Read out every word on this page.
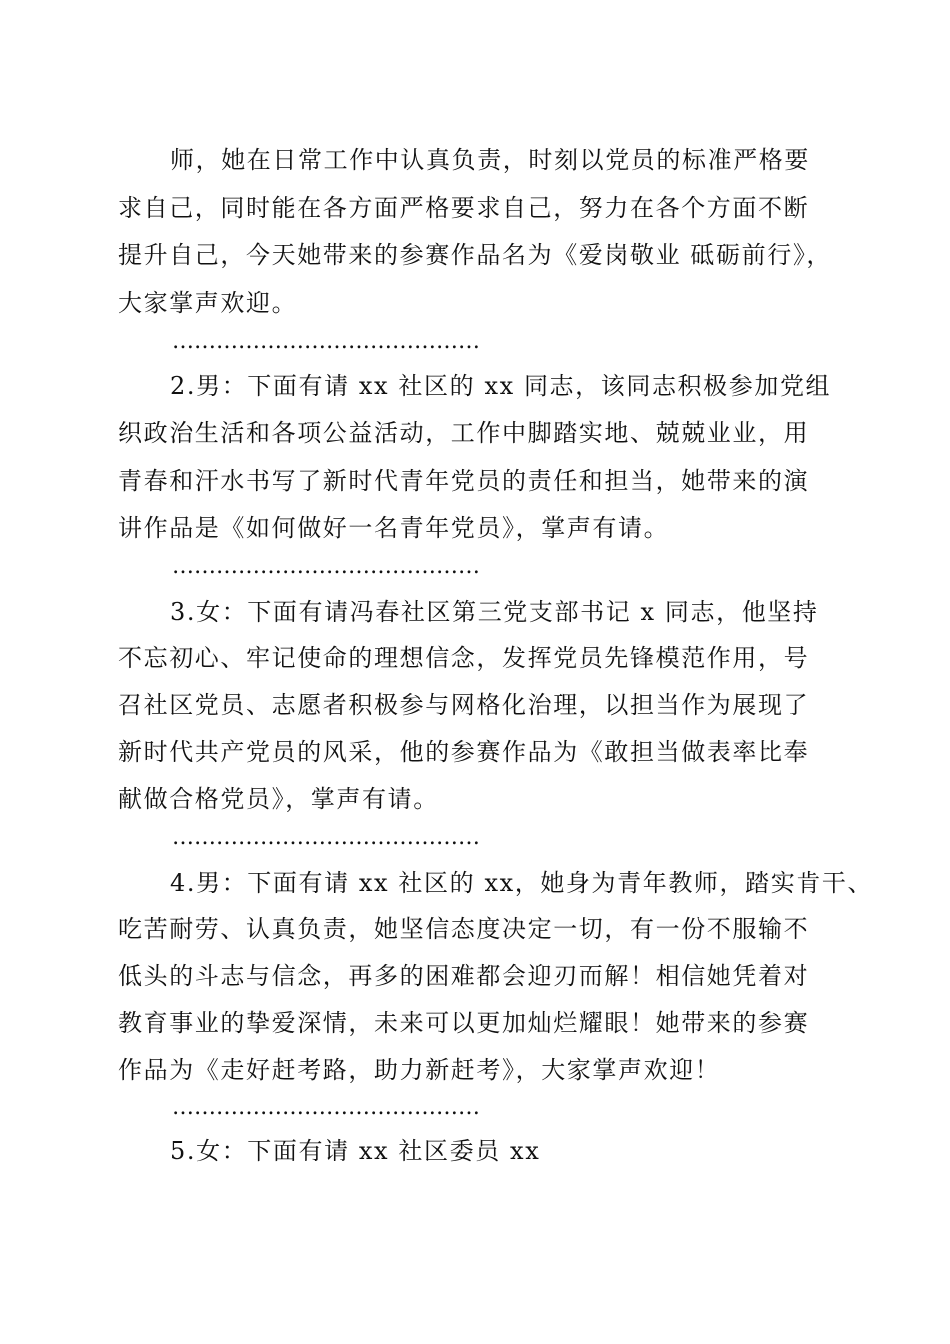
师，她在日常工作中认真负责，时刻以党员的标准严格要
求自己，同时能在各方面严格要求自己，努力在各个方面不断
提升自己，今天她带来的参赛作品名为《爱岗敬业 砥砺前行》，
大家掌声欢迎。
……………………………………
2.男：下面有请 xx 社区的 xx 同志，该同志积极参加党组
织政治生活和各项公益活动，工作中脚踏实地、兢兢业业，用
青春和汗水书写了新时代青年党员的责任和担当，她带来的演
讲作品是《如何做好一名青年党员》，掌声有请。
……………………………………
3.女：下面有请冯春社区第三党支部书记 x 同志，他坚持
不忘初心、牢记使命的理想信念，发挥党员先锋模范作用，号
召社区党员、志愿者积极参与网格化治理，以担当作为展现了
新时代共产党员的风采，他的参赛作品为《敢担当做表率比奉
献做合格党员》，掌声有请。
……………………………………
4.男：下面有请 xx 社区的 xx，她身为青年教师，踏实肯干、
吃苦耐劳、认真负责，她坚信态度决定一切，有一份不服输不
低头的斗志与信念，再多的困难都会迎刃而解！相信她凭着对
教育事业的挚爱深情，未来可以更加灿烂耀眼！她带来的参赛
作品为《走好赶考路，助力新赶考》，大家掌声欢迎！
……………………………………
5.女：下面有请 xx 社区委员 xx
